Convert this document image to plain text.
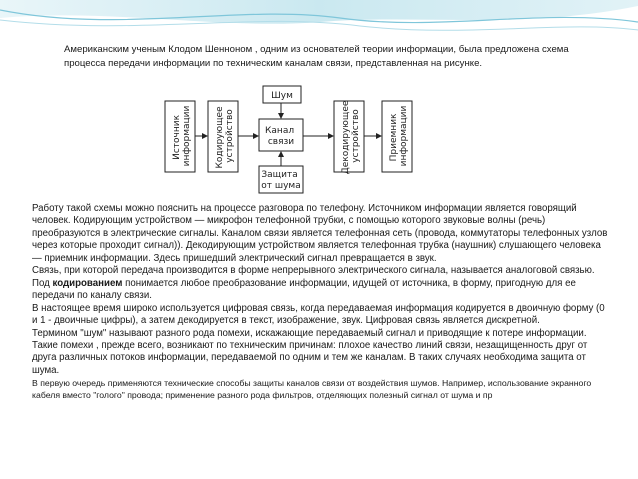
Американским ученым Клодом Шенноном , одним из основателей теории информации, была предложена схема процесса передачи информации по техническим каналам связи, представленная на рисунке.

Источник информации	Кодирующее устройство
Шум
Канал связи
Защита от шума
Декодирующее устройство	Приемник информации

Работу такой схемы можно пояснить на процессе разговора по телефону. Источником информации является говорящий человек. Кодирующим устройством — микрофон телефонной трубки, с помощью которого звуковые волны (речь) преобразуются в электрические сигналы. Каналом связи является телефонная сеть (провода, коммутаторы телефонных узлов через которые проходит сигнал)). Декодирующим устройством является телефонная трубка (наушник) слушающего человека — приемник информации. Здесь пришедший электрический сигнал превращается в звук.

Связь, при которой передача производится в форме непрерывного электрического сигнала, называется аналоговой связью.

Под кодированием понимается любое преобразование информации, идущей от источника, в форму, пригодную для ее передачи по каналу связи.

В настоящее время широко используется цифровая связь, когда передаваемая информация кодируется в двоичную форму (0 и 1 - двоичные цифры), а затем декодируется в текст, изображение, звук. Цифровая связь является дискретной.

Термином "шум" называют разного рода помехи, искажающие передаваемый сигнал и приводящие к потере информации. Такие помехи , прежде всего, возникают по техническим причинам: плохое качество линий связи, незащищенность друг от друга различных потоков информации, передаваемой по одним и тем же каналам. В таких случаях необходима защита от шума.

В первую очередь применяются технические способы защиты каналов связи от воздействия шумов. Например, использование экранного кабеля вместо "голого" провода; применение разного рода фильтров, отделяющих полезный сигнал от шума и пр
